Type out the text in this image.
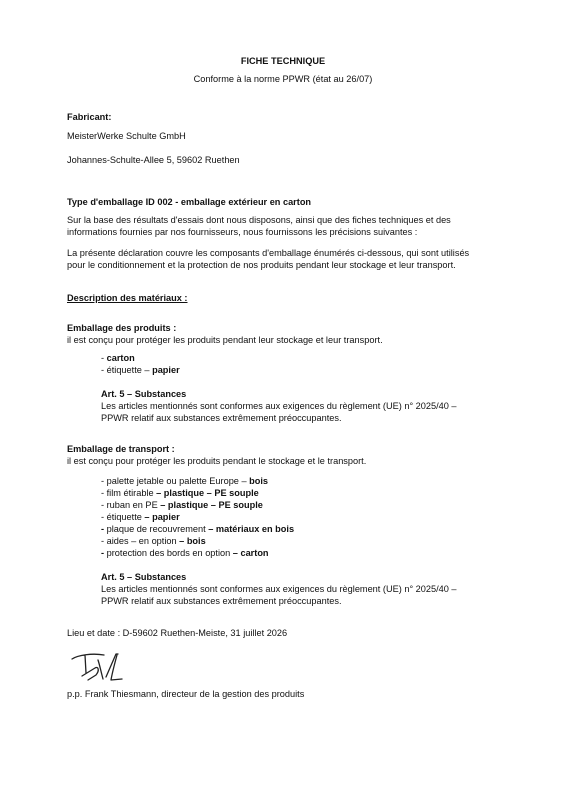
FICHE TECHNIQUE
Conforme à la norme PPWR (état au 26/07)
Fabricant:
MeisterWerke Schulte GmbH
Johannes-Schulte-Allee 5, 59602 Ruethen
Type d'emballage ID 002 - emballage extérieur en carton
Sur la base des résultats d'essais dont nous disposons, ainsi que des fiches techniques et des
informations fournies par nos fournisseurs, nous fournissons les précisions suivantes :
La présente déclaration couvre les composants d'emballage énumérés ci-dessous, qui sont utilisés
pour le conditionnement et la protection de nos produits pendant leur stockage et leur transport.
Description des matériaux :
Emballage des produits :
il est conçu pour protéger les produits pendant leur stockage et leur transport.
- carton
- étiquette – papier
Art. 5 – Substances
Les articles mentionnés sont conformes aux exigences du règlement (UE) n° 2025/40 –
PPWR relatif aux substances extrêmement préoccupantes.
Emballage de transport :
il est conçu pour protéger les produits pendant le stockage et le transport.
- palette jetable ou palette Europe – bois
- film étirable – plastique – PE souple
- ruban en PE – plastique – PE souple
- étiquette – papier
- plaque de recouvrement – matériaux en bois
- aides – en option – bois
- protection des bords en option – carton
Art. 5 – Substances
Les articles mentionnés sont conformes aux exigences du règlement (UE) n° 2025/40 –
PPWR relatif aux substances extrêmement préoccupantes.
Lieu et date : D-59602 Ruethen-Meiste, 31 juillet 2026
p.p. Frank Thiesmann, directeur de la gestion des produits
